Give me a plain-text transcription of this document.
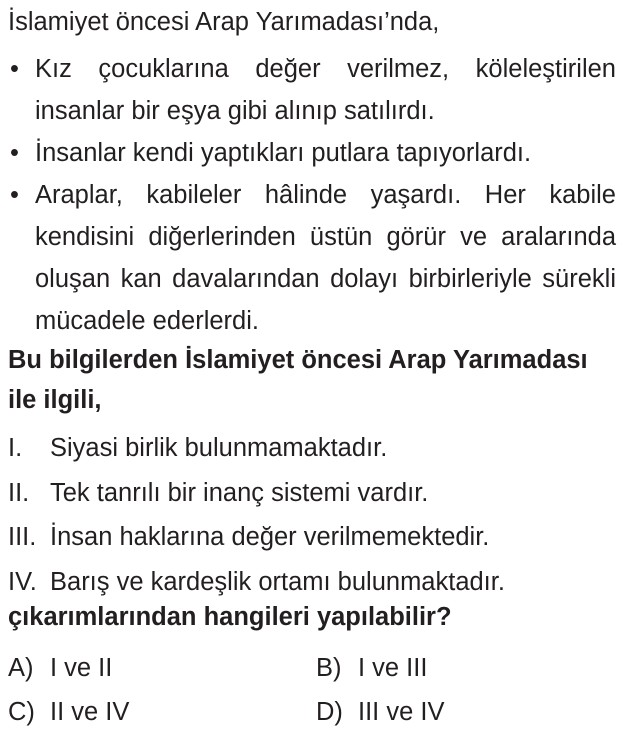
İslamiyet öncesi Arap Yarımadası’nda,
• Kız çocuklarına değer verilmez, köleleştirilen insanlar bir eşya gibi alınıp satılırdı.
• İnsanlar kendi yaptıkları putlara tapıyorlardı.
• Araplar, kabileler hâlinde yaşardı. Her kabile kendisini diğerlerinden üstün görür ve aralarında oluşan kan davalarından dolayı birbirleriyle sürekli mücadele ederlerdi.
Bu bilgilerden İslamiyet öncesi Arap Yarımadası ile ilgili,
I. Siyasi birlik bulunmamaktadır.
II. Tek tanrılı bir inanç sistemi vardır.
III. İnsan haklarına değer verilmemektedir.
IV. Barış ve kardeşlik ortamı bulunmaktadır.
çıkarımlarından hangileri yapılabilir?
A) I ve II	B) I ve III
C) II ve IV	D) III ve IV
